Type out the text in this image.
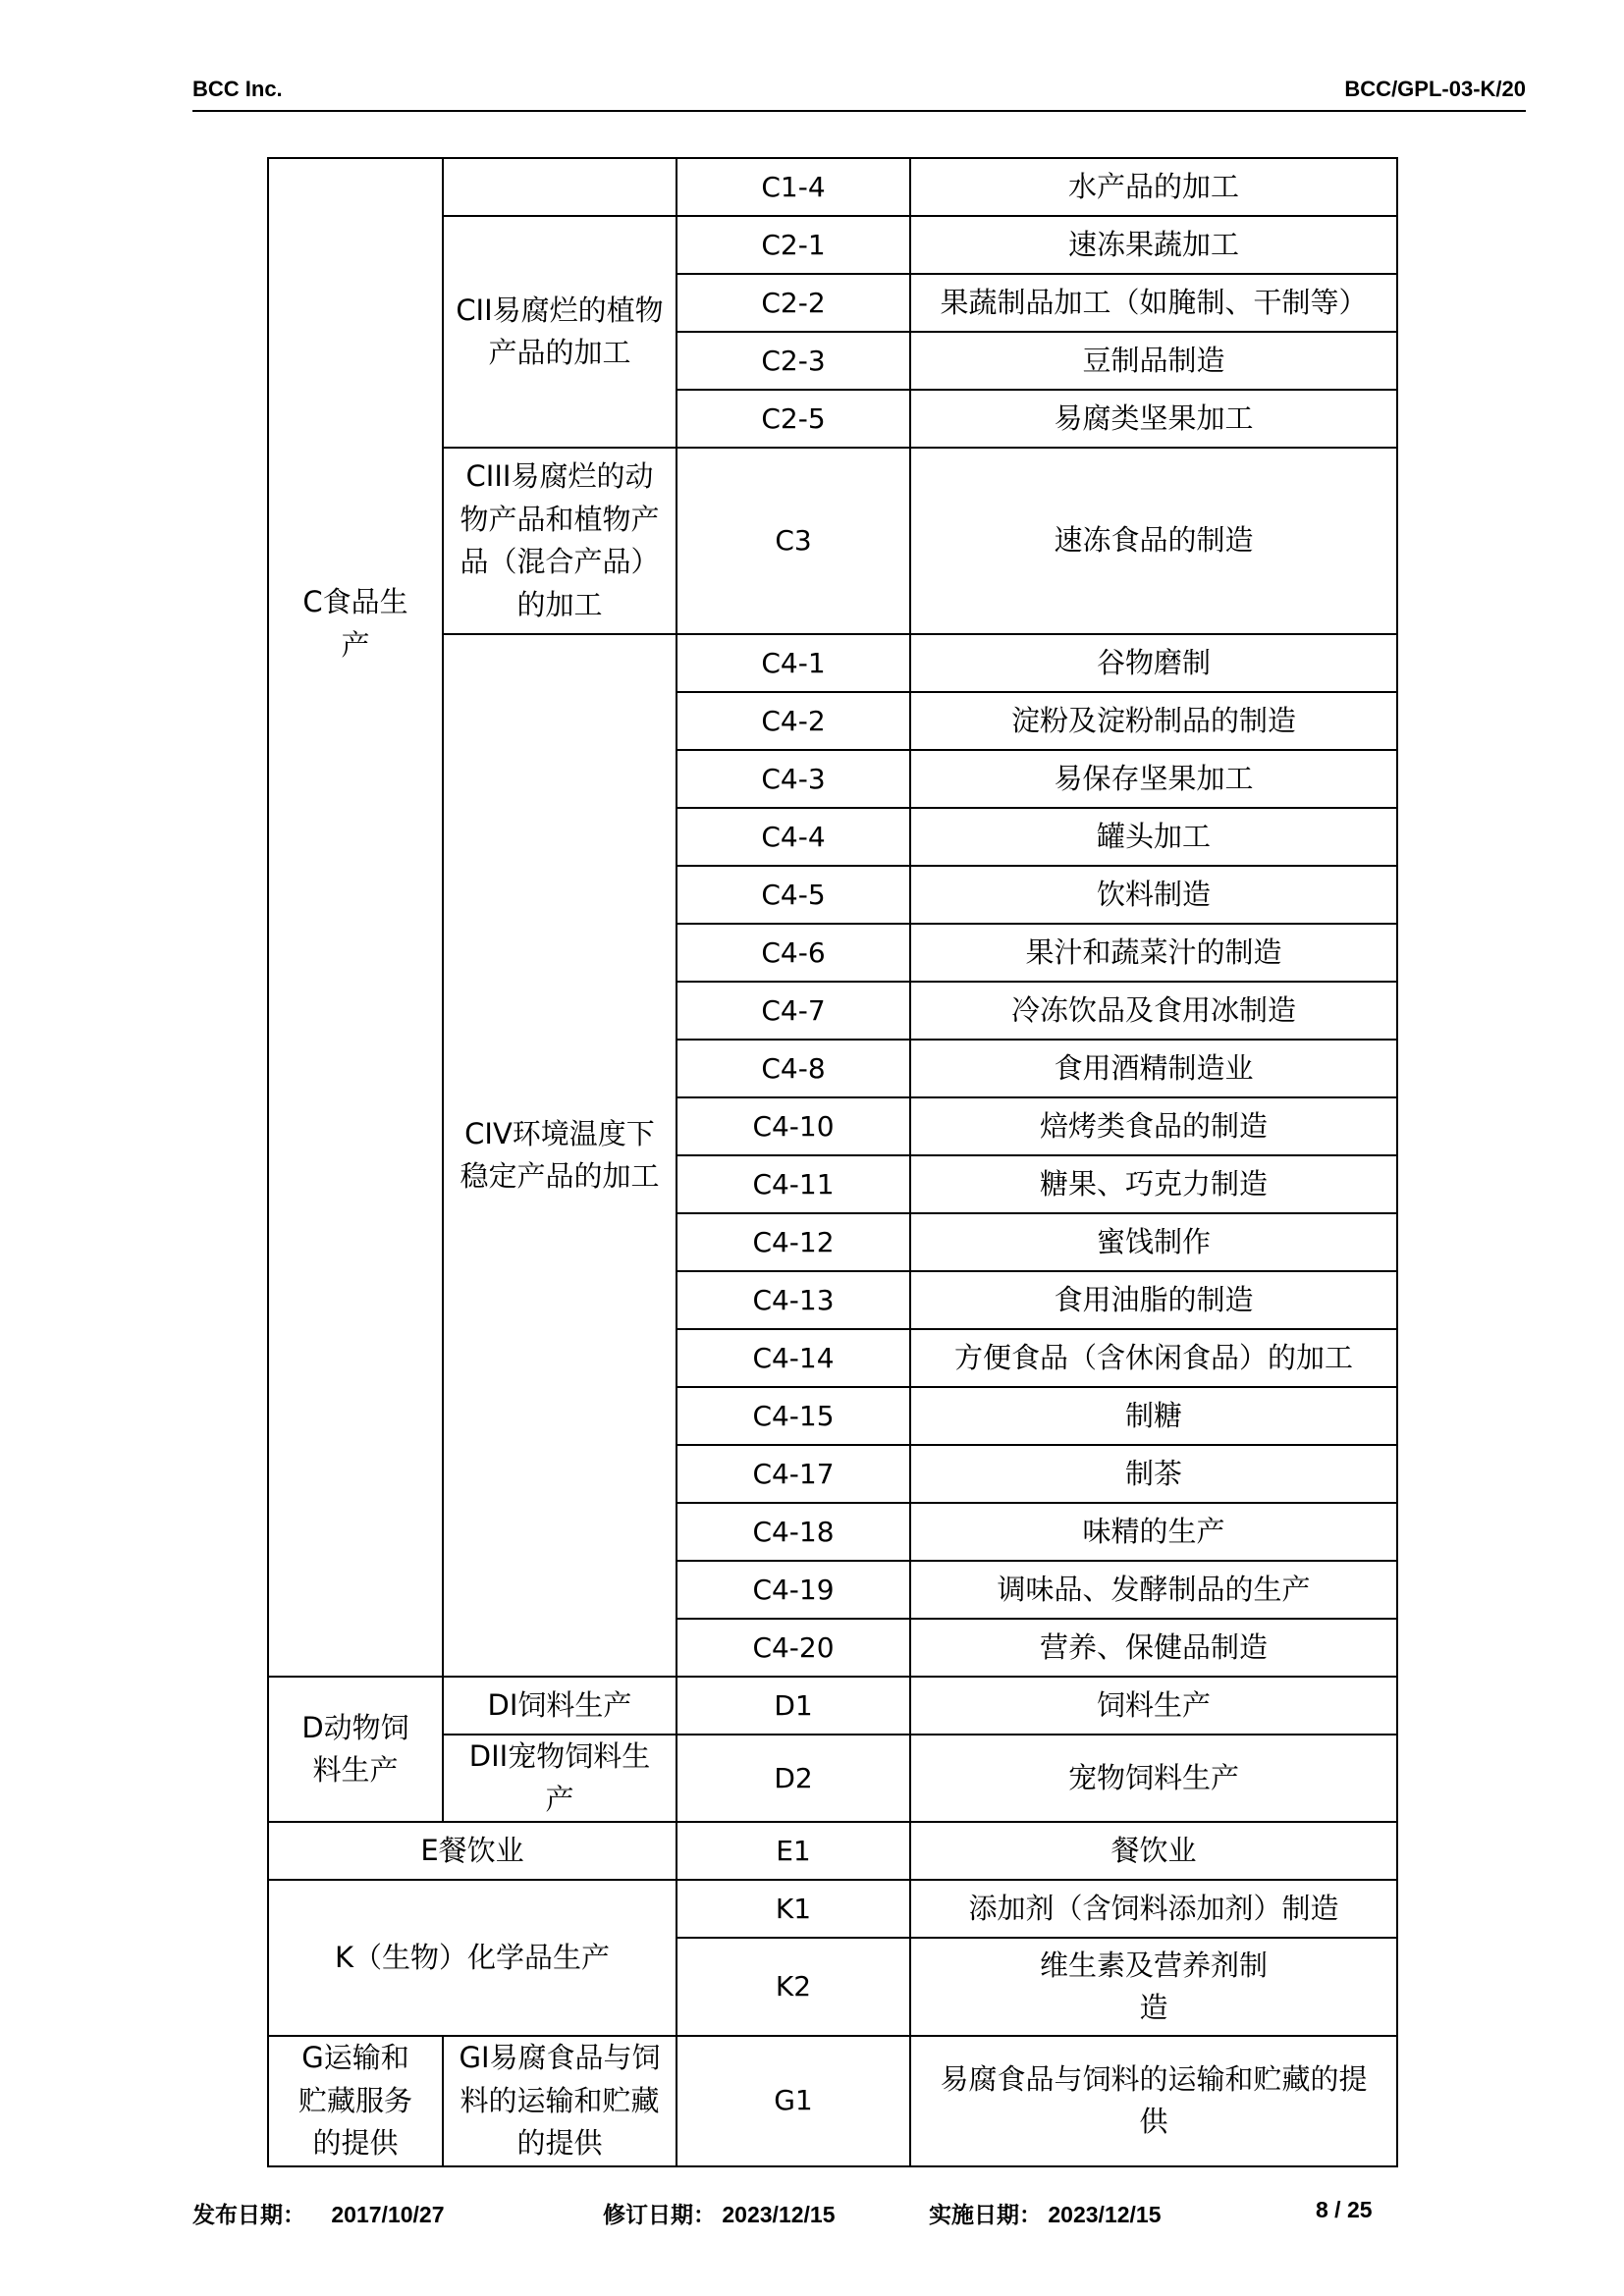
BCC Inc.	BCC/GPL-03-K/20
C食品生产		C1-4	水产品的加工
	CII易腐烂的植物产品的加工	C2-1	速冻果蔬加工
		C2-2	果蔬制品加工（如腌制、干制等）
		C2-3	豆制品制造
		C2-5	易腐类坚果加工
	CIII易腐烂的动物产品和植物产品（混合产品）的加工	C3	速冻食品的制造
	CIV环境温度下稳定产品的加工	C4-1	谷物磨制
		C4-2	淀粉及淀粉制品的制造
		C4-3	易保存坚果加工
		C4-4	罐头加工
		C4-5	饮料制造
		C4-6	果汁和蔬菜汁的制造
		C4-7	冷冻饮品及食用冰制造
		C4-8	食用酒精制造业
		C4-10	焙烤类食品的制造
		C4-11	糖果、巧克力制造
		C4-12	蜜饯制作
		C4-13	食用油脂的制造
		C4-14	方便食品（含休闲食品）的加工
		C4-15	制糖
		C4-17	制茶
		C4-18	味精的生产
		C4-19	调味品、发酵制品的生产
		C4-20	营养、保健品制造
D动物饲料生产	DI饲料生产	D1	饲料生产
	DII宠物饲料生产	D2	宠物饲料生产
E餐饮业		E1	餐饮业
K（生物）化学品生产		K1	添加剂（含饲料添加剂）制造
		K2	维生素及营养剂制造
G运输和贮藏服务的提供	GI易腐食品与饲料的运输和贮藏的提供	G1	易腐食品与饲料的运输和贮藏的提供
发布日期： 2017/10/27	修订日期： 2023/12/15	实施日期： 2023/12/15	8 / 25
